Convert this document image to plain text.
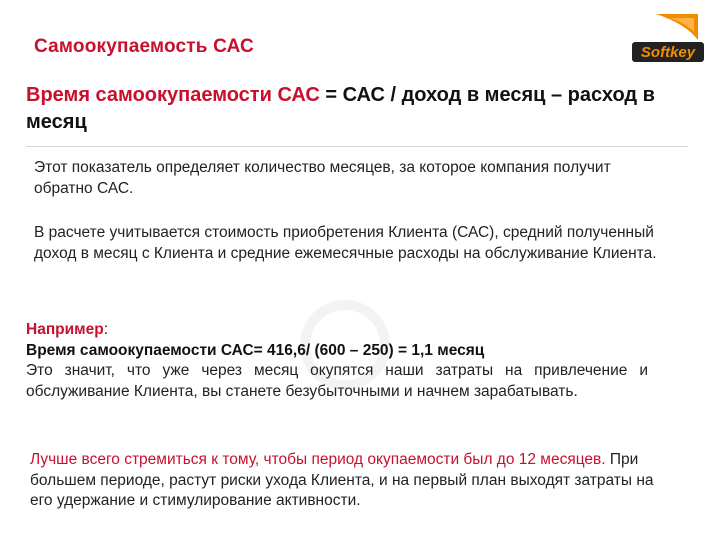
Самоокупаемость САС	Softkey
Время самоокупаемости САС = САС / доход в месяц – расход в месяц
Этот показатель определяет количество месяцев, за которое компания получит обратно САС.
В расчете учитывается стоимость приобретения Клиента (САС), средний полученный доход в месяц с Клиента и средние ежемесячные расходы на обслуживание Клиента.
Например:
Время самоокупаемости САС= 416,6/ (600 – 250) = 1,1 месяц
Это значит, что уже через месяц окупятся наши затраты на привлечение и обслуживание Клиента, вы станете безубыточными и начнем зарабатывать.
Лучше всего стремиться к тому, чтобы период окупаемости был до 12 месяцев. При большем периоде, растут риски ухода Клиента, и на первый план выходят затраты на его удержание и стимулирование активности.
